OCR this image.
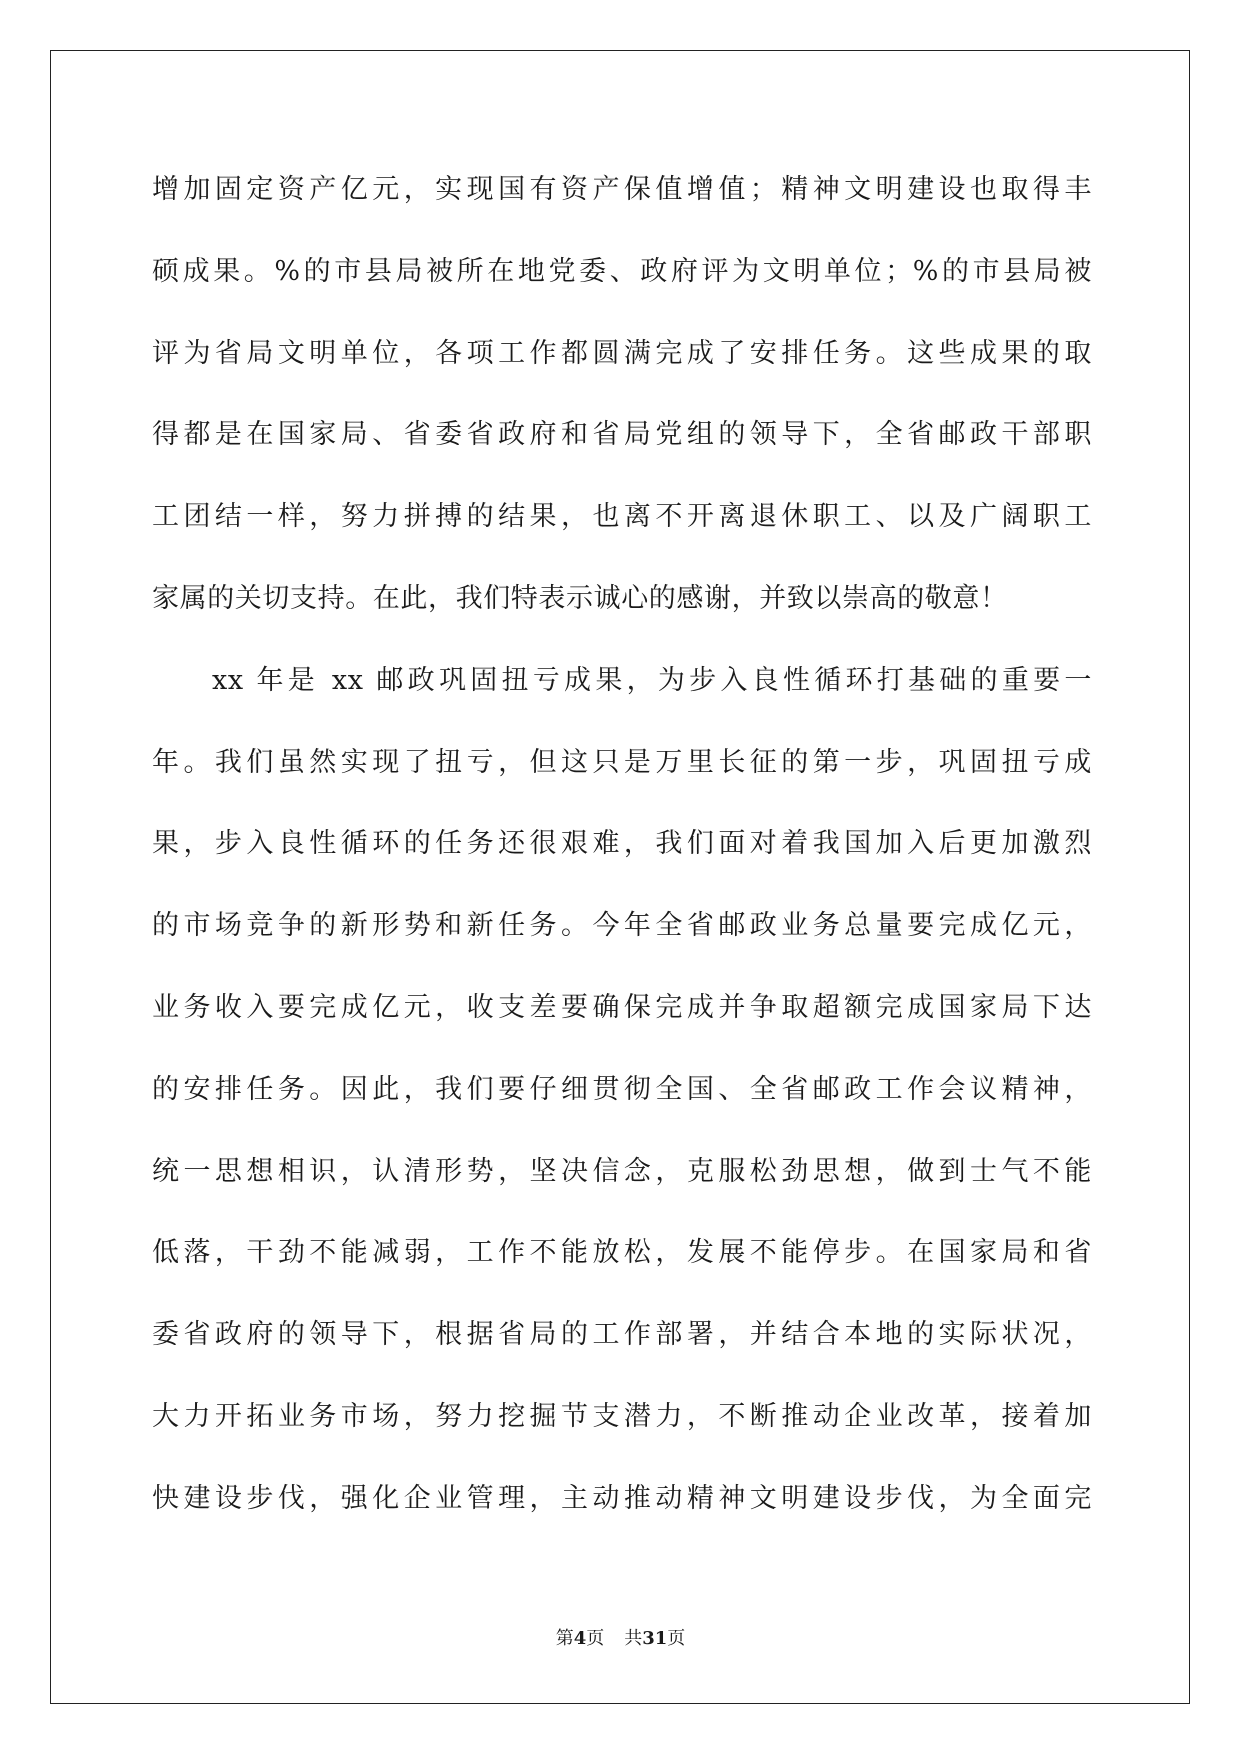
增加固定资产亿元，实现国有资产保值增值；精神文明建设也取得丰
硕成果。%的市县局被所在地党委、政府评为文明单位；%的市县局被
评为省局文明单位，各项工作都圆满完成了安排任务。这些成果的取
得都是在国家局、省委省政府和省局党组的领导下，全省邮政干部职
工团结一样，努力拼搏的结果，也离不开离退休职工、以及广阔职工
家属的关切支持。在此，我们特表示诚心的感谢，并致以崇高的敬意！
xx 年是 xx 邮政巩固扭亏成果，为步入良性循环打基础的重要一
年。我们虽然实现了扭亏，但这只是万里长征的第一步，巩固扭亏成
果，步入良性循环的任务还很艰难，我们面对着我国加入后更加激烈
的市场竞争的新形势和新任务。今年全省邮政业务总量要完成亿元，
业务收入要完成亿元，收支差要确保完成并争取超额完成国家局下达
的安排任务。因此，我们要仔细贯彻全国、全省邮政工作会议精神，
统一思想相识，认清形势，坚决信念，克服松劲思想，做到士气不能
低落，干劲不能减弱，工作不能放松，发展不能停步。在国家局和省
委省政府的领导下，根据省局的工作部署，并结合本地的实际状况，
大力开拓业务市场，努力挖掘节支潜力，不断推动企业改革，接着加
快建设步伐，强化企业管理，主动推动精神文明建设步伐，为全面完
第4页 共31页
